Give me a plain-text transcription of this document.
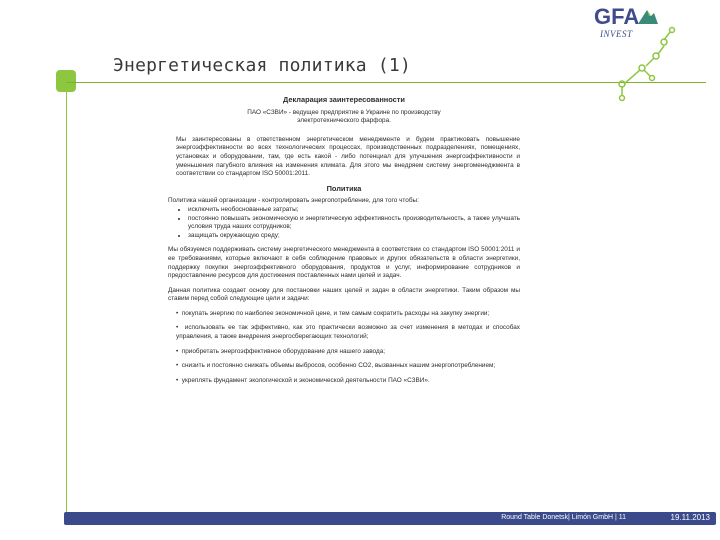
Энергетическая политика (1)
GFA
INVEST
Декларация заинтересованности
ПАО «СЗВИ» - ведущее предприятие в Украине по производству
электротехнического фарфора.

Мы заинтересованы в ответственном энергетическом менеджменте и будем практиковать повышение энергоэффективности во всех технологических процессах, производственных подразделениях, помещениях, установках и оборудовании, там, где есть какой - либо потенциал для улучшения энергоэффективности и уменьшения пагубного влияния на изменения климата. Для этого мы внедряем систему энергоменеджмента в соответствии со стандартом ISO 50001:2011.

Политика
Политика нашей организации - контролировать энергопотребление, для того чтобы:
• исключить необоснованные затраты;
• постоянно повышать экономическую и энергетическую эффективность производительность, а также улучшать условия труда наших сотрудников;
• защищать окружающую среду;

Мы обязуемся поддерживать систему энергетического менеджмента в соответствии со стандартом ISO 50001:2011 и ее требованиями, которые включают в себя соблюдение правовых и других обязательств в области энергетики, поддержку покупки энергоэффективного оборудования, продуктов и услуг, информирование сотрудников и предоставление ресурсов для достижения поставленных нами целей и задач.

Данная политика создает основу для постановки наших целей и задач в области энергетики. Таким образом мы ставим перед собой следующие цели и задачи:

•  покупать энергию по наиболее экономичной цене, и тем самым сократить расходы на закупку энергии;
•  использовать ее так эффективно, как это практически возможно за счет изменения в методах и способах управления, а также внедрения энергосберегающих технологий;
•  приобретать энергоэффективное оборудование для нашего завода;
•  снизить и постоянно снижать объемы выбросов, особенно CO2, вызванных нашим энергопотреблением;
•  укреплять фундамент экологической и экономической деятельности ПАО «СЗВИ».
Round Table Donetsk| Limón GmbH | 11	19.11.2013
